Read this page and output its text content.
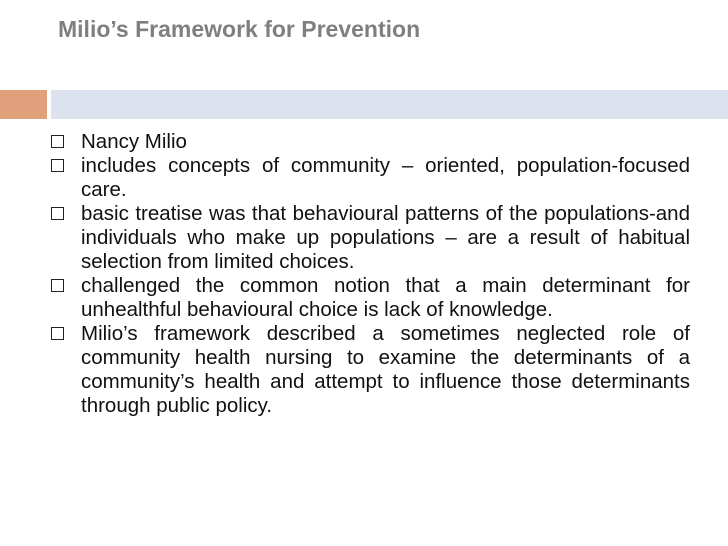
Milio’s Framework for Prevention
Nancy Milio
includes concepts of community – oriented, population-focused care.
basic treatise was that behavioural patterns of the populations-and individuals who make up populations – are a result of habitual selection from limited choices.
challenged the common notion that a main determinant for unhealthful behavioural choice is lack of knowledge.
Milio’s framework described a sometimes neglected role of community health nursing to examine the determinants of a community’s health and attempt to influence those determinants through public policy.
